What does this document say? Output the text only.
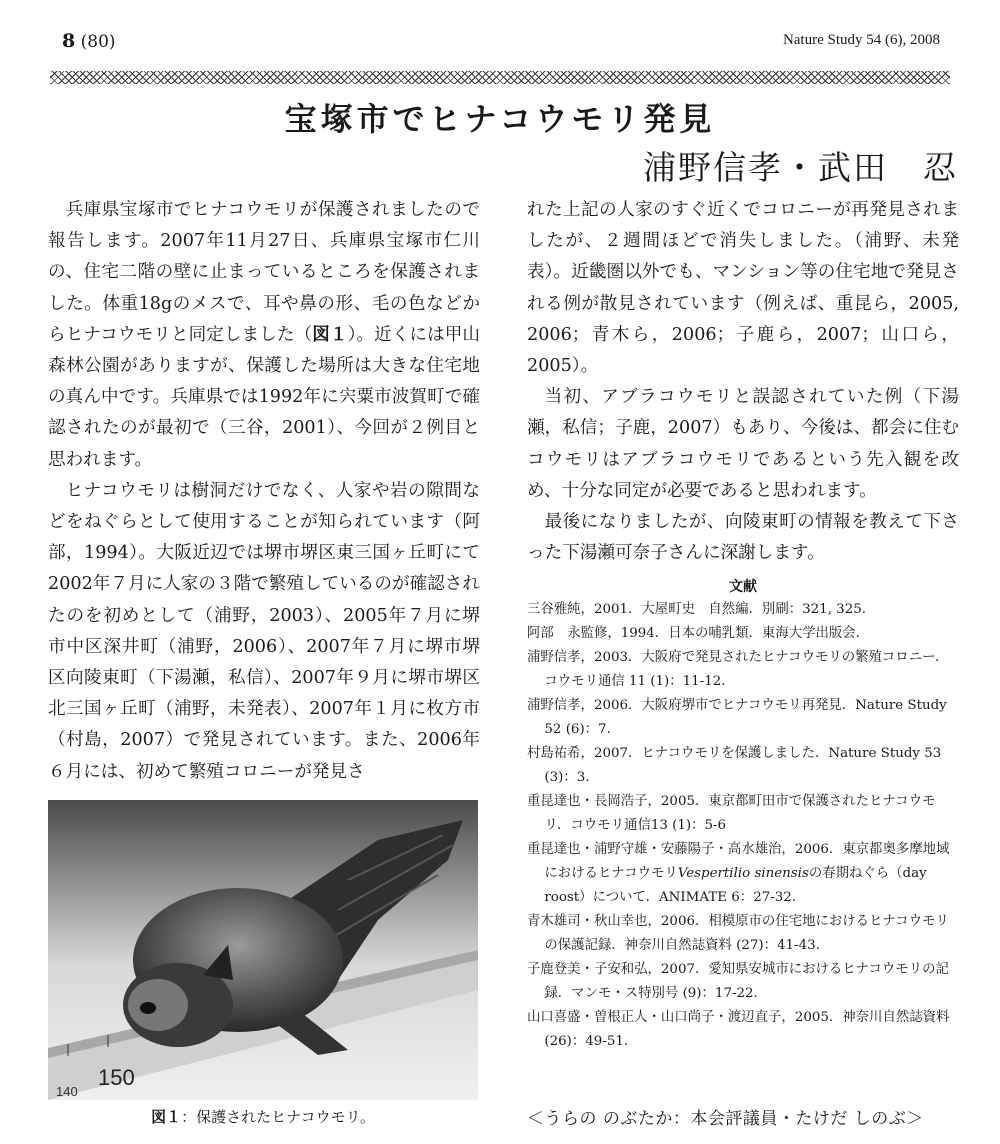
8 (80)	Nature Study 54 (6), 2008
宝塚市でヒナコウモリ発見
浦野信孝・武田　忍

兵庫県宝塚市でヒナコウモリが保護されましたので報告します。2007年11月27日、兵庫県宝塚市仁川の、住宅二階の壁に止まっているところを保護されました。体重18gのメスで、耳や鼻の形、毛の色などからヒナコウモリと同定しました（図１）。近くには甲山森林公園がありますが、保護した場所は大きな住宅地の真ん中です。兵庫県では1992年に宍粟市波賀町で確認されたのが最初で（三谷，2001）、今回が２例目と思われます。

ヒナコウモリは樹洞だけでなく、人家や岩の隙間などをねぐらとして使用することが知られています（阿部，1994）。大阪近辺では堺市堺区東三国ヶ丘町にて2002年７月に人家の３階で繁殖しているのが確認されたのを初めとして（浦野，2003）、2005年７月に堺市中区深井町（浦野，2006）、2007年７月に堺市堺区向陵東町（下湯瀬，私信）、2007年９月に堺市堺区北三国ヶ丘町（浦野，未発表）、2007年１月に枚方市（村島，2007）で発見されています。また、2006年６月には、初めて繁殖コロニーが発見さ

150
140
図１：保護されたヒナコウモリ。

れた上記の人家のすぐ近くでコロニーが再発見されましたが、２週間ほどで消失しました。（浦野、未発表）。近畿圏以外でも、マンション等の住宅地で発見される例が散見されています（例えば、重昆ら，2005, 2006；青木ら，2006；子鹿ら，2007；山口ら，2005）。

当初、アブラコウモリと誤認されていた例（下湯瀬，私信；子鹿，2007）もあり、今後は、都会に住むコウモリはアブラコウモリであるという先入観を改め、十分な同定が必要であると思われます。

最後になりましたが、向陵東町の情報を教えて下さった下湯瀬可奈子さんに深謝します。

文献

三谷雅純，2001．大屋町史　自然編．別刷：321, 325.

阿部　永監修，1994．日本の哺乳類．東海大学出版会．

浦野信孝，2003．大阪府で発見されたヒナコウモリの繁殖コロニー．コウモリ通信 11 (1)：11-12.

浦野信孝，2006．大阪府堺市でヒナコウモリ再発見．Nature Study 52 (6)：7.

村島祐希，2007．ヒナコウモリを保護しました．Nature Study 53 (3)：3.

重昆達也・長岡浩子，2005．東京都町田市で保護されたヒナコウモリ．コウモリ通信13 (1)：5-6

重昆達也・浦野守雄・安藤陽子・高水雄治，2006．東京都奥多摩地域におけるヒナコウモリVespertilio sinensisの春期ねぐら（day roost）について．ANIMATE 6：27-32.

青木雄司・秋山幸也，2006．相模原市の住宅地におけるヒナコウモリの保護記録．神奈川自然誌資料 (27)：41-43.

子鹿登美・子安和弘，2007．愛知県安城市におけるヒナコウモリの記録．マンモ・ス特別号 (9)：17-22.

山口喜盛・曽根正人・山口尚子・渡辺直子，2005．神奈川自然誌資料 (26)：49-51.

＜うらの のぶたか：本会評議員・たけだ しのぶ＞
